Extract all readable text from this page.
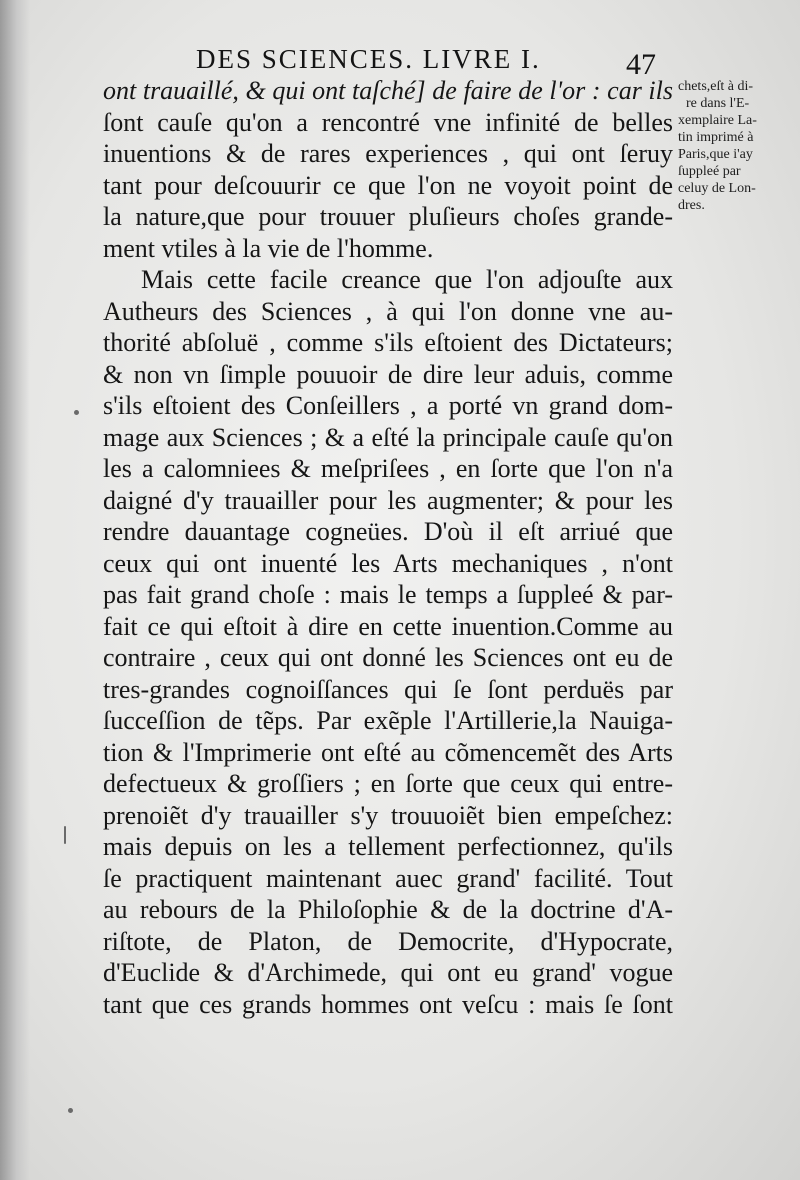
DES SCIENCES. LIVRE I.	47
ont trauaillé, & qui ont taſché] de faire de l'or : car ils
ſont cauſe qu'on a rencontré vne infinité de belles
inuentions & de rares experiences , qui ont ſeruy
tant pour deſcouurir ce que l'on ne voyoit point de
la nature,que pour trouuer pluſieurs choſes grande-
ment vtiles à la vie de l'homme.
Mais cette facile creance que l'on adjouſte aux
Autheurs des Sciences , à qui l'on donne vne au-
thorité abſoluë , comme s'ils eſtoient des Dictateurs;
& non vn ſimple pouuoir de dire leur aduis, comme
s'ils eſtoient des Conſeillers , a porté vn grand dom-
mage aux Sciences ; & a eſté la principale cauſe qu'on
les a calomniees & meſpriſees , en ſorte que l'on n'a
daigné d'y trauailler pour les augmenter; & pour les
rendre dauantage cogneües. D'où il eſt arriué que
ceux qui ont inuenté les Arts mechaniques , n'ont
pas fait grand choſe : mais le temps a ſuppleé & par-
fait ce qui eſtoit à dire en cette inuention.Comme au
contraire , ceux qui ont donné les Sciences ont eu de
tres-grandes cognoiſſances qui ſe ſont perduës par
ſucceſſion de tẽps. Par exẽple l'Artillerie,la Nauiga-
tion & l'Imprimerie ont eſté au cõmencemẽt des Arts
defectueux & groſſiers ; en ſorte que ceux qui entre-
prenoiẽt d'y trauailler s'y trouuoiẽt bien empeſchez:
mais depuis on les a tellement perfectionnez, qu'ils
ſe practiquent maintenant auec grand' facilité. Tout
au rebours de la Philoſophie & de la doctrine d'A-
riſtote, de Platon, de Democrite, d'Hypocrate,
d'Euclide & d'Archimede, qui ont eu grand' vogue
tant que ces grands hommes ont veſcu : mais ſe ſont
chets,eſt à di-
re dans l'E-
xemplaire La-
tin imprimé à
Paris,que i'ay
ſuppleé par
celuy de Lon-
dres.
